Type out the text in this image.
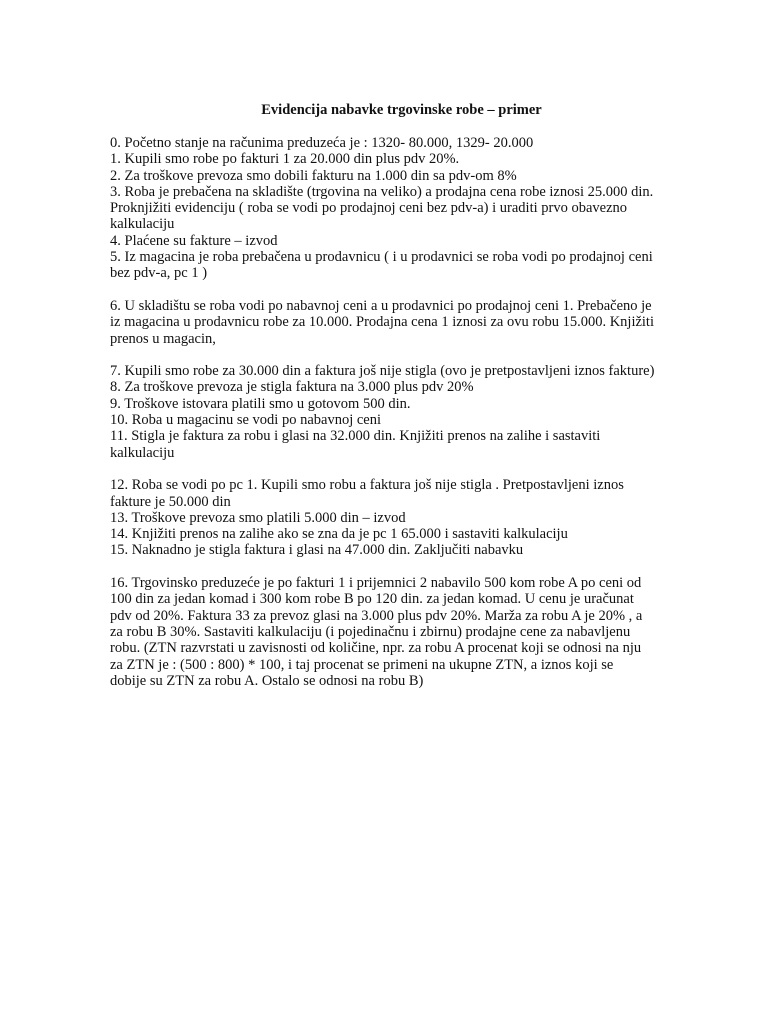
Evidencija nabavke trgovinske robe – primer
0. Početno stanje na računima preduzeća je : 1320- 80.000, 1329- 20.000
1. Kupili smo robe po fakturi 1 za 20.000 din plus pdv 20%.
2. Za troškove prevoza smo dobili fakturu na 1.000 din sa pdv-om 8%
3. Roba je prebačena na skladište (trgovina na veliko) a prodajna cena robe iznosi 25.000 din.
Proknjižiti evidenciju ( roba se vodi po prodajnoj ceni bez pdv-a) i uraditi prvo obavezno
kalkulaciju
4. Plaćene su fakture – izvod
5. Iz magacina je roba prebačena u prodavnicu ( i u prodavnici se roba vodi po prodajnoj ceni
bez pdv-a, pc 1 )
6. U skladištu se roba vodi po nabavnoj ceni a u prodavnici po prodajnoj ceni 1. Prebačeno je
iz magacina u prodavnicu robe za 10.000. Prodajna cena 1 iznosi za ovu robu 15.000. Knjižiti
prenos u magacin,
7. Kupili smo robe za 30.000 din a faktura još nije stigla (ovo je pretpostavljeni iznos fakture)
8. Za troškove prevoza je stigla faktura na 3.000 plus pdv 20%
9. Troškove istovara platili smo u gotovom 500 din.
10. Roba u magacinu se vodi po nabavnoj ceni
11. Stigla je faktura za robu i glasi na 32.000 din. Knjižiti prenos na zalihe i sastaviti
kalkulaciju
12. Roba se vodi po pc 1. Kupili smo robu a faktura još nije stigla . Pretpostavljeni iznos
fakture je 50.000 din
13. Troškove prevoza smo platili 5.000 din – izvod
14. Knjižiti prenos na zalihe ako se zna da je pc 1 65.000 i sastaviti kalkulaciju
15. Naknadno je stigla faktura i glasi na 47.000 din. Zaključiti nabavku
16. Trgovinsko preduzeće je po fakturi 1 i prijemnici 2 nabavilo 500 kom robe A po ceni od
100 din za jedan komad i 300 kom robe B po 120 din. za jedan komad. U cenu je uračunat
pdv od 20%. Faktura 33 za prevoz glasi na 3.000 plus pdv 20%. Marža za robu A je 20% , a
za robu B 30%. Sastaviti kalkulaciju (i pojedinačnu i zbirnu) prodajne cene za nabavljenu
robu. (ZTN razvrstati u zavisnosti od količine, npr. za robu A procenat koji se odnosi na nju
za ZTN je : (500 : 800) * 100, i taj procenat se primeni na ukupne ZTN, a iznos koji se
dobije su ZTN za robu A. Ostalo se odnosi na robu B)
